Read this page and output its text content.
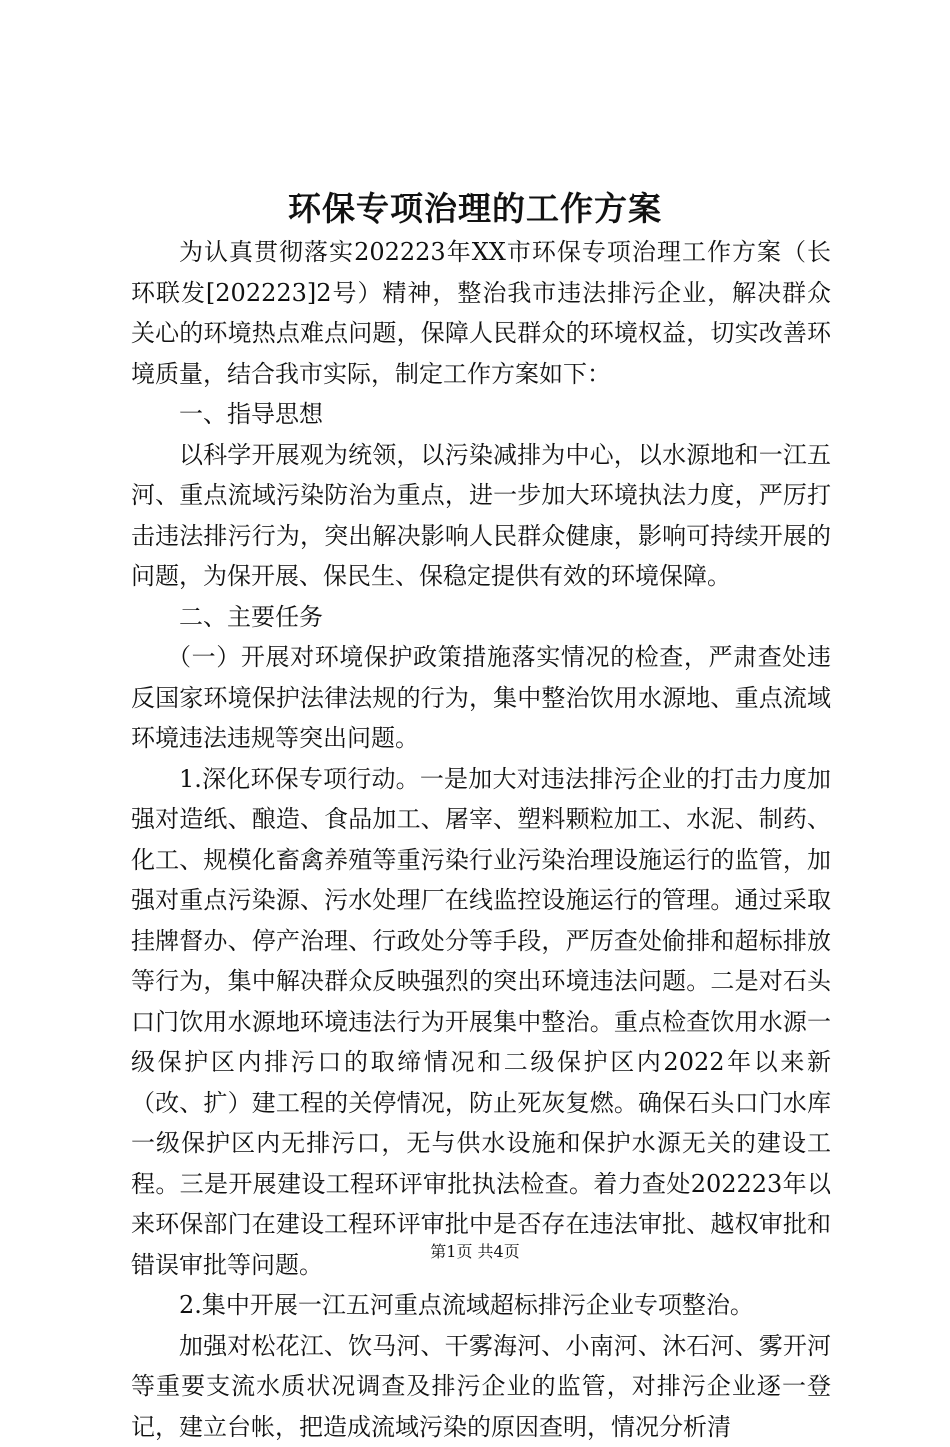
环保专项治理的工作方案

为认真贯彻落实202223年XX市环保专项治理工作方案（长环联发[202223]2号）精神，整治我市违法排污企业，解决群众关心的环境热点难点问题，保障人民群众的环境权益，切实改善环境质量，结合我市实际，制定工作方案如下：

一、指导思想

以科学开展观为统领，以污染减排为中心，以水源地和一江五河、重点流域污染防治为重点，进一步加大环境执法力度，严厉打击违法排污行为，突出解决影响人民群众健康，影响可持续开展的问题，为保开展、保民生、保稳定提供有效的环境保障。

二、主要任务

（一）开展对环境保护政策措施落实情况的检查，严肃查处违反国家环境保护法律法规的行为，集中整治饮用水源地、重点流域环境违法违规等突出问题。

1.深化环保专项行动。一是加大对违法排污企业的打击力度加强对造纸、酿造、食品加工、屠宰、塑料颗粒加工、水泥、制药、化工、规模化畜禽养殖等重污染行业污染治理设施运行的监管，加强对重点污染源、污水处理厂在线监控设施运行的管理。通过采取挂牌督办、停产治理、行政处分等手段，严厉查处偷排和超标排放等行为，集中解决群众反映强烈的突出环境违法问题。二是对石头口门饮用水源地环境违法行为开展集中整治。重点检查饮用水源一级保护区内排污口的取缔情况和二级保护区内2022年以来新（改、扩）建工程的关停情况，防止死灰复燃。确保石头口门水库一级保护区内无排污口，无与供水设施和保护水源无关的建设工程。三是开展建设工程环评审批执法检查。着力查处202223年以来环保部门在建设工程环评审批中是否存在违法审批、越权审批和错误审批等问题。

2.集中开展一江五河重点流域超标排污企业专项整治。

加强对松花江、饮马河、干雾海河、小南河、沐石河、雾开河等重要支流水质状况调查及排污企业的监管，对排污企业逐一登记，建立台帐，把造成流域污染的原因查明，情况分析清

第1页 共4页
